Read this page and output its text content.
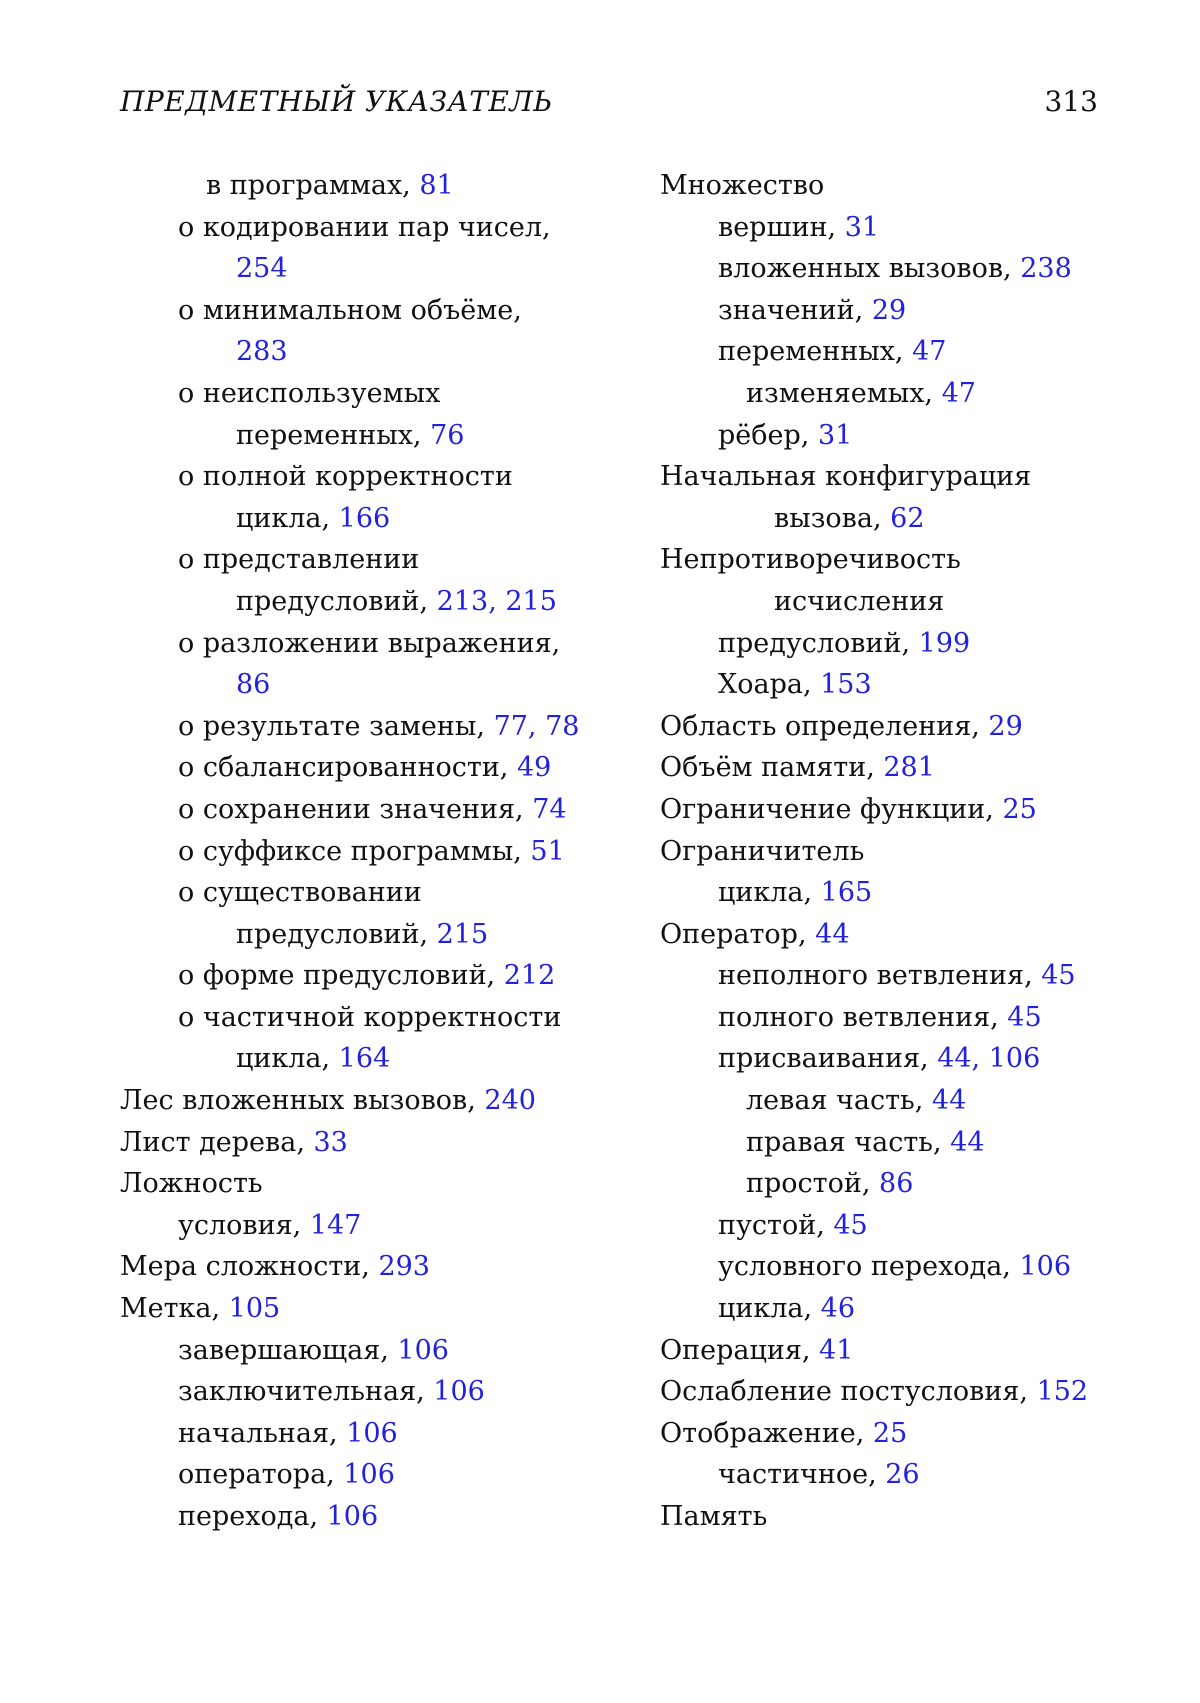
ПРЕДМЕТНЫЙ УКАЗАТЕЛЬ	313
в программах, 81
о кодировании пар чисел,
254
о минимальном объёме,
283
о неиспользуемых
переменных, 76
о полной корректности
цикла, 166
о представлении
предусловий, 213, 215
о разложении выражения,
86
о результате замены, 77, 78
о сбалансированности, 49
о сохранении значения, 74
о суффиксе программы, 51
о существовании
предусловий, 215
о форме предусловий, 212
о частичной корректности
цикла, 164
Лес вложенных вызовов, 240
Лист дерева, 33
Ложность
условия, 147
Мера сложности, 293
Метка, 105
завершающая, 106
заключительная, 106
начальная, 106
оператора, 106
перехода, 106
Множество
вершин, 31
вложенных вызовов, 238
значений, 29
переменных, 47
изменяемых, 47
рёбер, 31
Начальная конфигурация
вызова, 62
Непротиворечивость
исчисления
предусловий, 199
Хоара, 153
Область определения, 29
Объём памяти, 281
Ограничение функции, 25
Ограничитель
цикла, 165
Оператор, 44
неполного ветвления, 45
полного ветвления, 45
присваивания, 44, 106
левая часть, 44
правая часть, 44
простой, 86
пустой, 45
условного перехода, 106
цикла, 46
Операция, 41
Ослабление постусловия, 152
Отображение, 25
частичное, 26
Память
